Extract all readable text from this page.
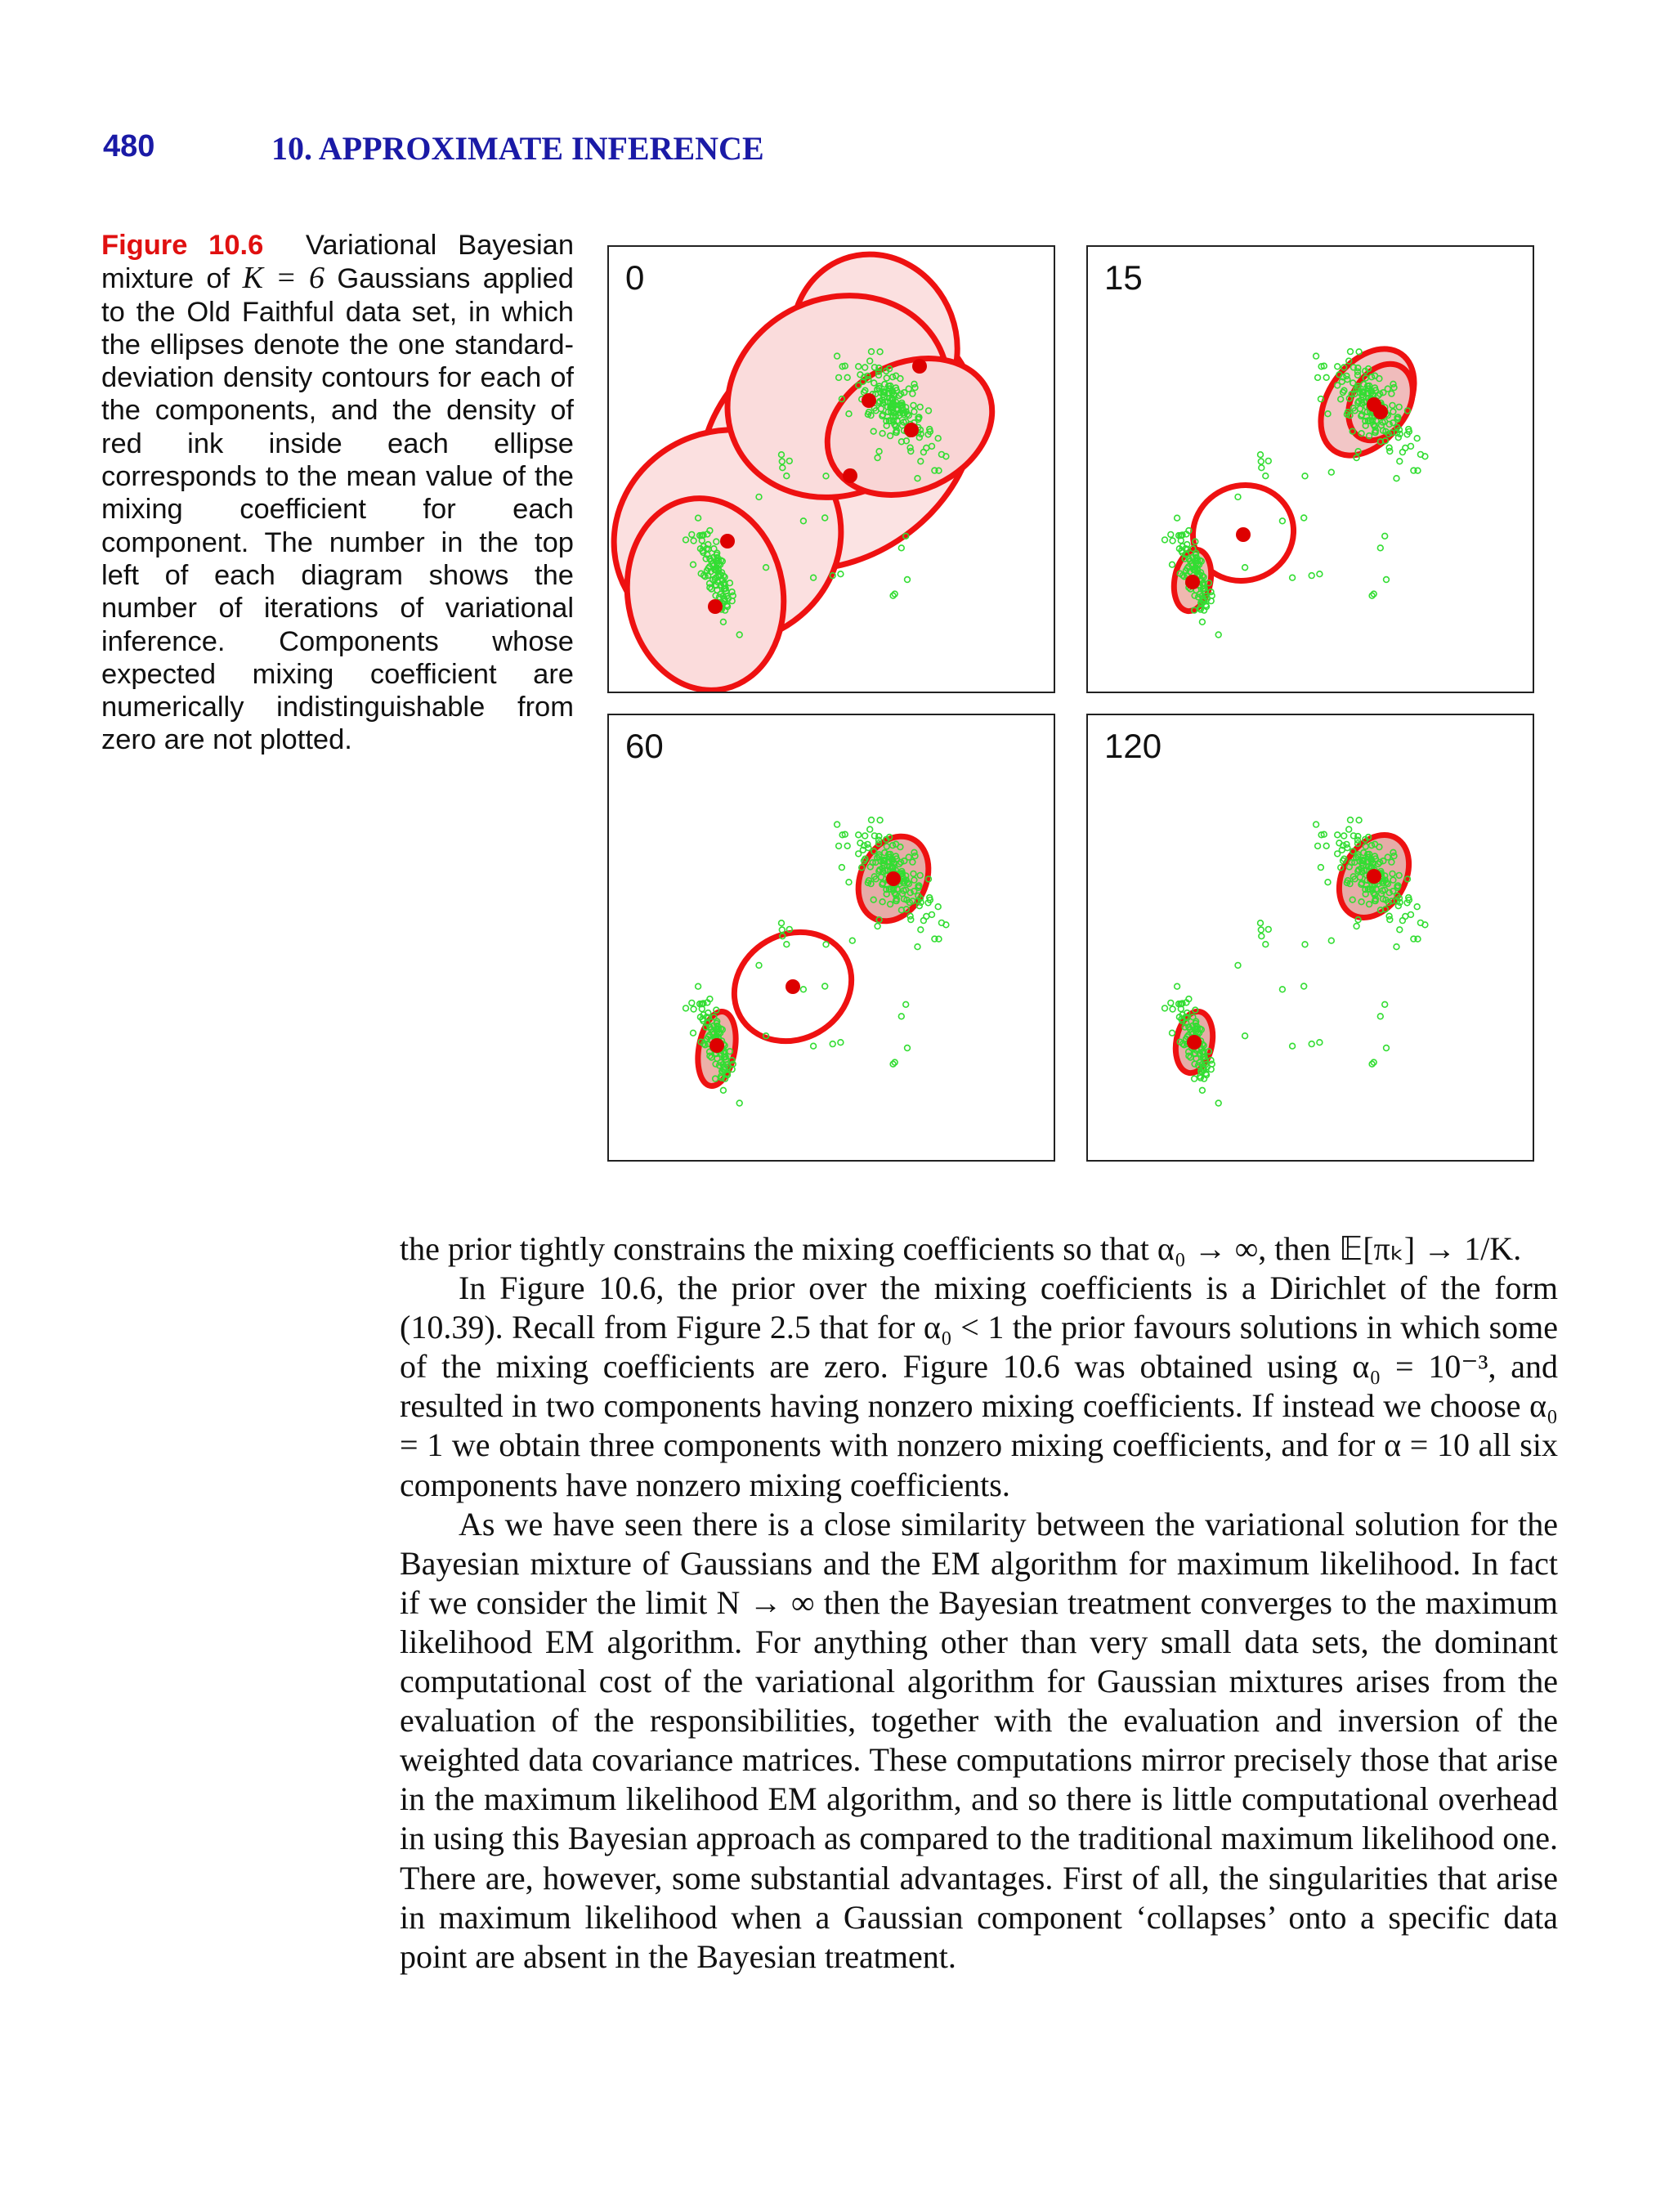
480	10. APPROXIMATE INFERENCE
Figure 10.6 Variational Bayesian mixture of K = 6 Gaussians applied to the Old Faithful data set, in which the ellipses denote the one standard-deviation density contours for each of the components, and the density of red ink inside each ellipse corresponds to the mean value of the mixing coefficient for each component. The number in the top left of each diagram shows the number of iterations of variational inference. Components whose expected mixing coefficient are numerically indistinguishable from zero are not plotted.
0	15
60	120

the prior tightly constrains the mixing coefficients so that α₀ → ∞, then 𝔼[πₖ] → 1/K.

In Figure 10.6, the prior over the mixing coefficients is a Dirichlet of the form (10.39). Recall from Figure 2.5 that for α₀ < 1 the prior favours solutions in which some of the mixing coefficients are zero. Figure 10.6 was obtained using α₀ = 10⁻³, and resulted in two components having nonzero mixing coefficients. If instead we choose α₀ = 1 we obtain three components with nonzero mixing coefficients, and for α = 10 all six components have nonzero mixing coefficients.

As we have seen there is a close similarity between the variational solution for the Bayesian mixture of Gaussians and the EM algorithm for maximum likelihood. In fact if we consider the limit N → ∞ then the Bayesian treatment converges to the maximum likelihood EM algorithm. For anything other than very small data sets, the dominant computational cost of the variational algorithm for Gaussian mixtures arises from the evaluation of the responsibilities, together with the evaluation and inversion of the weighted data covariance matrices. These computations mirror precisely those that arise in the maximum likelihood EM algorithm, and so there is little computational overhead in using this Bayesian approach as compared to the traditional maximum likelihood one. There are, however, some substantial advantages. First of all, the singularities that arise in maximum likelihood when a Gaussian component ‘collapses’ onto a specific data point are absent in the Bayesian treatment.
